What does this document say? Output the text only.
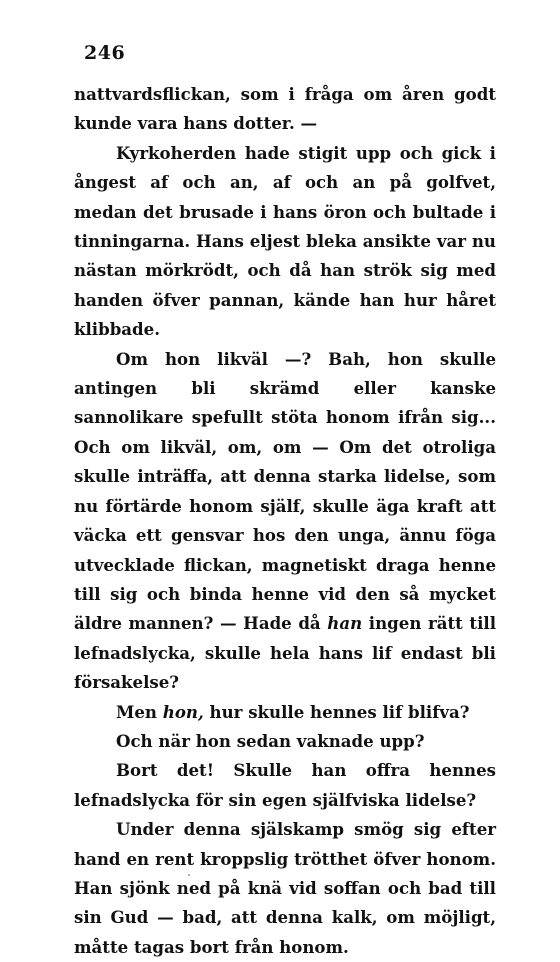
246

nattvardsflickan, som i fråga om åren godt kunde vara hans dotter. —

Kyrkoherden hade stigit upp och gick i ångest af och an, af och an på golfvet, medan det brusade i hans öron och bultade i tinningarna. Hans eljest bleka ansikte var nu nästan mörkrödt, och då han strök sig med handen öfver pannan, kände han hur håret klibbade.

Om hon likväl —? Bah, hon skulle antingen bli skrämd eller kanske sannolikare spefullt stöta honom ifrån sig... Och om likväl, om, om — Om det otroliga skulle inträffa, att denna starka lidelse, som nu förtärde honom själf, skulle äga kraft att väcka ett gensvar hos den unga, ännu föga utvecklade flickan, magnetiskt draga henne till sig och binda henne vid den så mycket äldre mannen? — Hade då han ingen rätt till lefnadslycka, skulle hela hans lif endast bli försakelse?

Men hon, hur skulle hennes lif blifva?

Och när hon sedan vaknade upp?

Bort det! Skulle han offra hennes lefnadslycka för sin egen själfviska lidelse?

Under denna själskamp smög sig efter hand en rent kroppslig trötthet öfver honom. Han sjönk ned på knä vid soffan och bad till sin Gud — bad, att denna kalk, om möjligt, måtte tagas bort från honom.
